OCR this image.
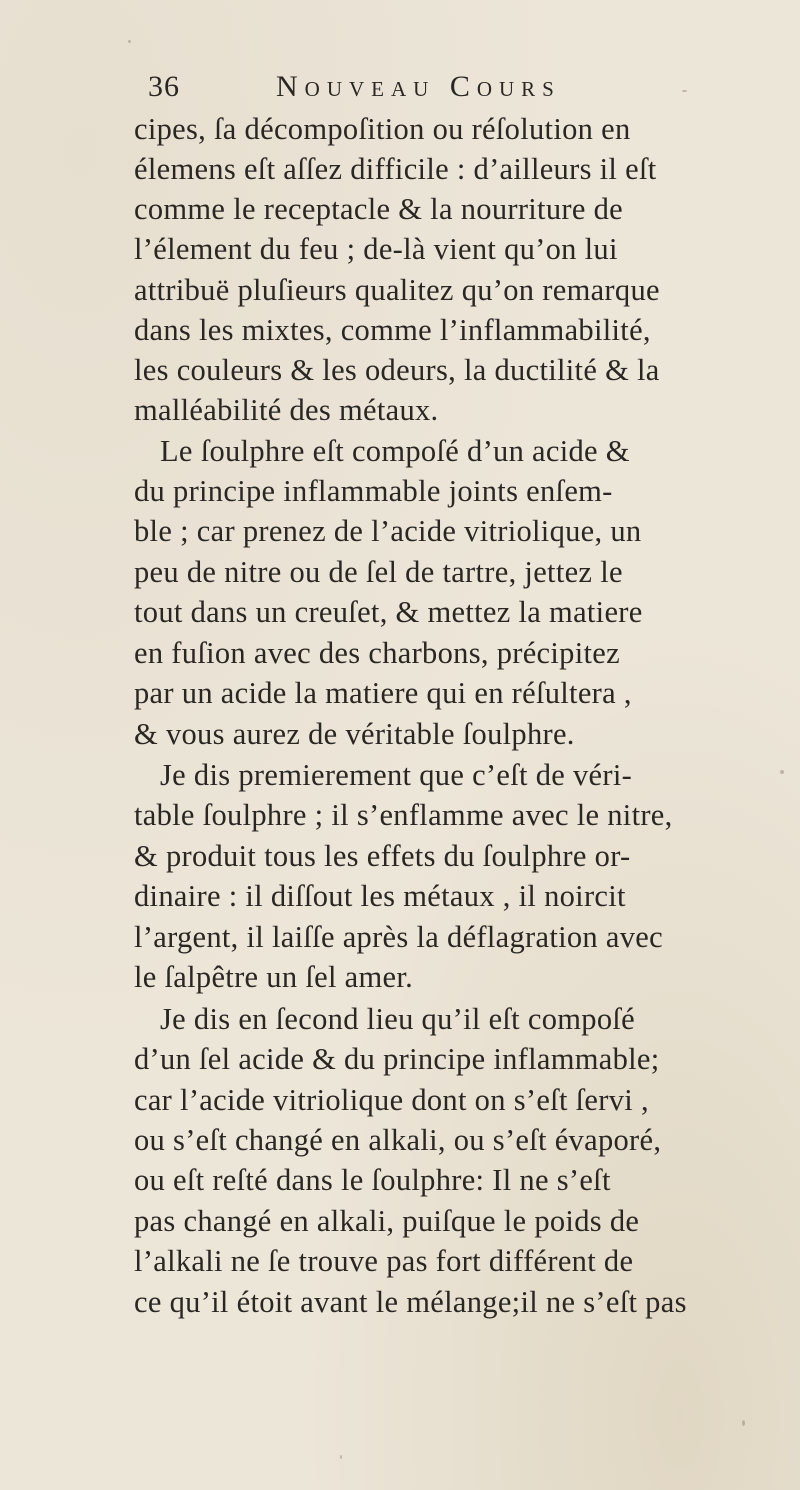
36	Nouveau Cours
cipes, ſa décompoſition ou réſolution en
élemens eſt aſſez difficile : d’ailleurs il eſt
comme le receptacle & la nourriture de
l’élement du feu ; de-là vient qu’on lui
attribuë pluſieurs qualitez qu’on remarque
dans les mixtes, comme l’inflammabilité,
les couleurs & les odeurs, la ductilité & la
malléabilité des métaux.
Le ſoulphre eſt compoſé d’un acide &
du principe inflammable joints enſem-
ble ; car prenez de l’acide vitriolique, un
peu de nitre ou de ſel de tartre, jettez le
tout dans un creuſet, & mettez la matiere
en fuſion avec des charbons, précipitez
par un acide la matiere qui en réſultera ,
& vous aurez de véritable ſoulphre.
Je dis premierement que c’eſt de véri-
table ſoulphre ; il s’enflamme avec le nitre,
& produit tous les effets du ſoulphre or-
dinaire : il diſſout les métaux , il noircit
l’argent, il laiſſe après la déflagration avec
le ſalpêtre un ſel amer.
Je dis en ſecond lieu qu’il eſt compoſé
d’un ſel acide & du principe inflammable;
car l’acide vitriolique dont on s’eſt ſervi ,
ou s’eſt changé en alkali, ou s’eſt évaporé,
ou eſt reſté dans le ſoulphre: Il ne s’eſt
pas changé en alkali, puiſque le poids de
l’alkali ne ſe trouve pas fort différent de
ce qu’il étoit avant le mélange;il ne s’eſt pas
